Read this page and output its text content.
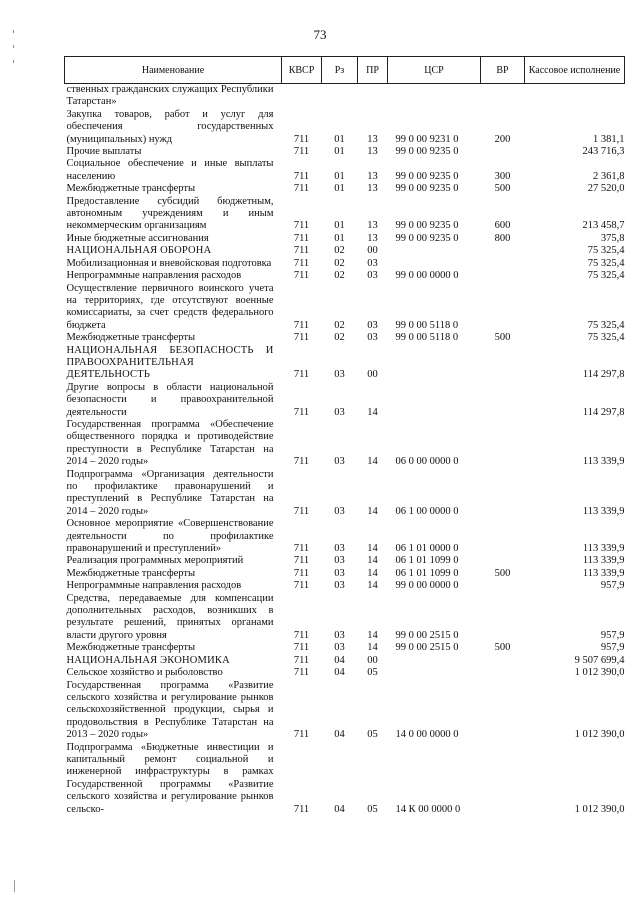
73
Наименование	КВСР	Рз	ПР	ЦСР	ВР	Кассовое исполнение
ственных гражданских служащих Республики Татарстан»						
Закупка товаров, работ и услуг для обеспечения государственных (муниципальных) нужд	711	01	13	99 0 00 9231 0	200	1 381,1
Прочие выплаты	711	01	13	99 0 00 9235 0		243 716,3
Социальное обеспечение и иные выплаты населению	711	01	13	99 0 00 9235 0	300	2 361,8
Межбюджетные трансферты	711	01	13	99 0 00 9235 0	500	27 520,0
Предоставление субсидий бюджетным, автономным учреждениям и иным некоммерческим организациям	711	01	13	99 0 00 9235 0	600	213 458,7
Иные бюджетные ассигнования	711	01	13	99 0 00 9235 0	800	375,8
НАЦИОНАЛЬНАЯ ОБОРОНА	711	02	00			75 325,4
Мобилизационная и вневойсковая подготовка	711	02	03			75 325,4
Непрограммные направления расходов	711	02	03	99 0 00 0000 0		75 325,4
Осуществление первичного воинского учета на территориях, где отсутствуют военные комиссариаты, за счет средств федерального бюджета	711	02	03	99 0 00 5118 0		75 325,4
Межбюджетные трансферты	711	02	03	99 0 00 5118 0	500	75 325,4
НАЦИОНАЛЬНАЯ БЕЗОПАСНОСТЬ И ПРАВООХРАНИТЕЛЬНАЯ ДЕЯТЕЛЬНОСТЬ	711	03	00			114 297,8
Другие вопросы в области национальной безопасности и правоохранительной деятельности	711	03	14			114 297,8
Государственная программа «Обеспечение общественного порядка и противодействие преступности в Республике Татарстан на 2014 – 2020 годы»	711	03	14	06 0 00 0000 0		113 339,9
Подпрограмма «Организация деятельности по профилактике правонарушений и преступлений в Республике Татарстан на 2014 – 2020 годы»	711	03	14	06 1 00 0000 0		113 339,9
Основное мероприятие «Совершенствование деятельности по профилактике правонарушений и преступлений»	711	03	14	06 1 01 0000 0		113 339,9
Реализация программных мероприятий	711	03	14	06 1 01 1099 0		113 339,9
Межбюджетные трансферты	711	03	14	06 1 01 1099 0	500	113 339,9
Непрограммные направления расходов	711	03	14	99 0 00 0000 0		957,9
Средства, передаваемые для компенсации дополнительных расходов, возникших в результате решений, принятых органами власти другого уровня	711	03	14	99 0 00 2515 0		957,9
Межбюджетные трансферты	711	03	14	99 0 00 2515 0	500	957,9
НАЦИОНАЛЬНАЯ ЭКОНОМИКА	711	04	00			9 507 699,4
Сельское хозяйство и рыболовство	711	04	05			1 012 390,0
Государственная программа «Развитие сельского хозяйства и регулирование рынков сельскохозяйственной продукции, сырья и продовольствия в Республике Татарстан на 2013 – 2020 годы»	711	04	05	14 0 00 0000 0		1 012 390,0
Подпрограмма «Бюджетные инвестиции и капитальный ремонт социальной и инженерной инфраструктуры в рамках Государственной программы «Развитие сельского хозяйства и регулирование рынков сельско-	711	04	05	14 К 00 0000 0		1 012 390,0
